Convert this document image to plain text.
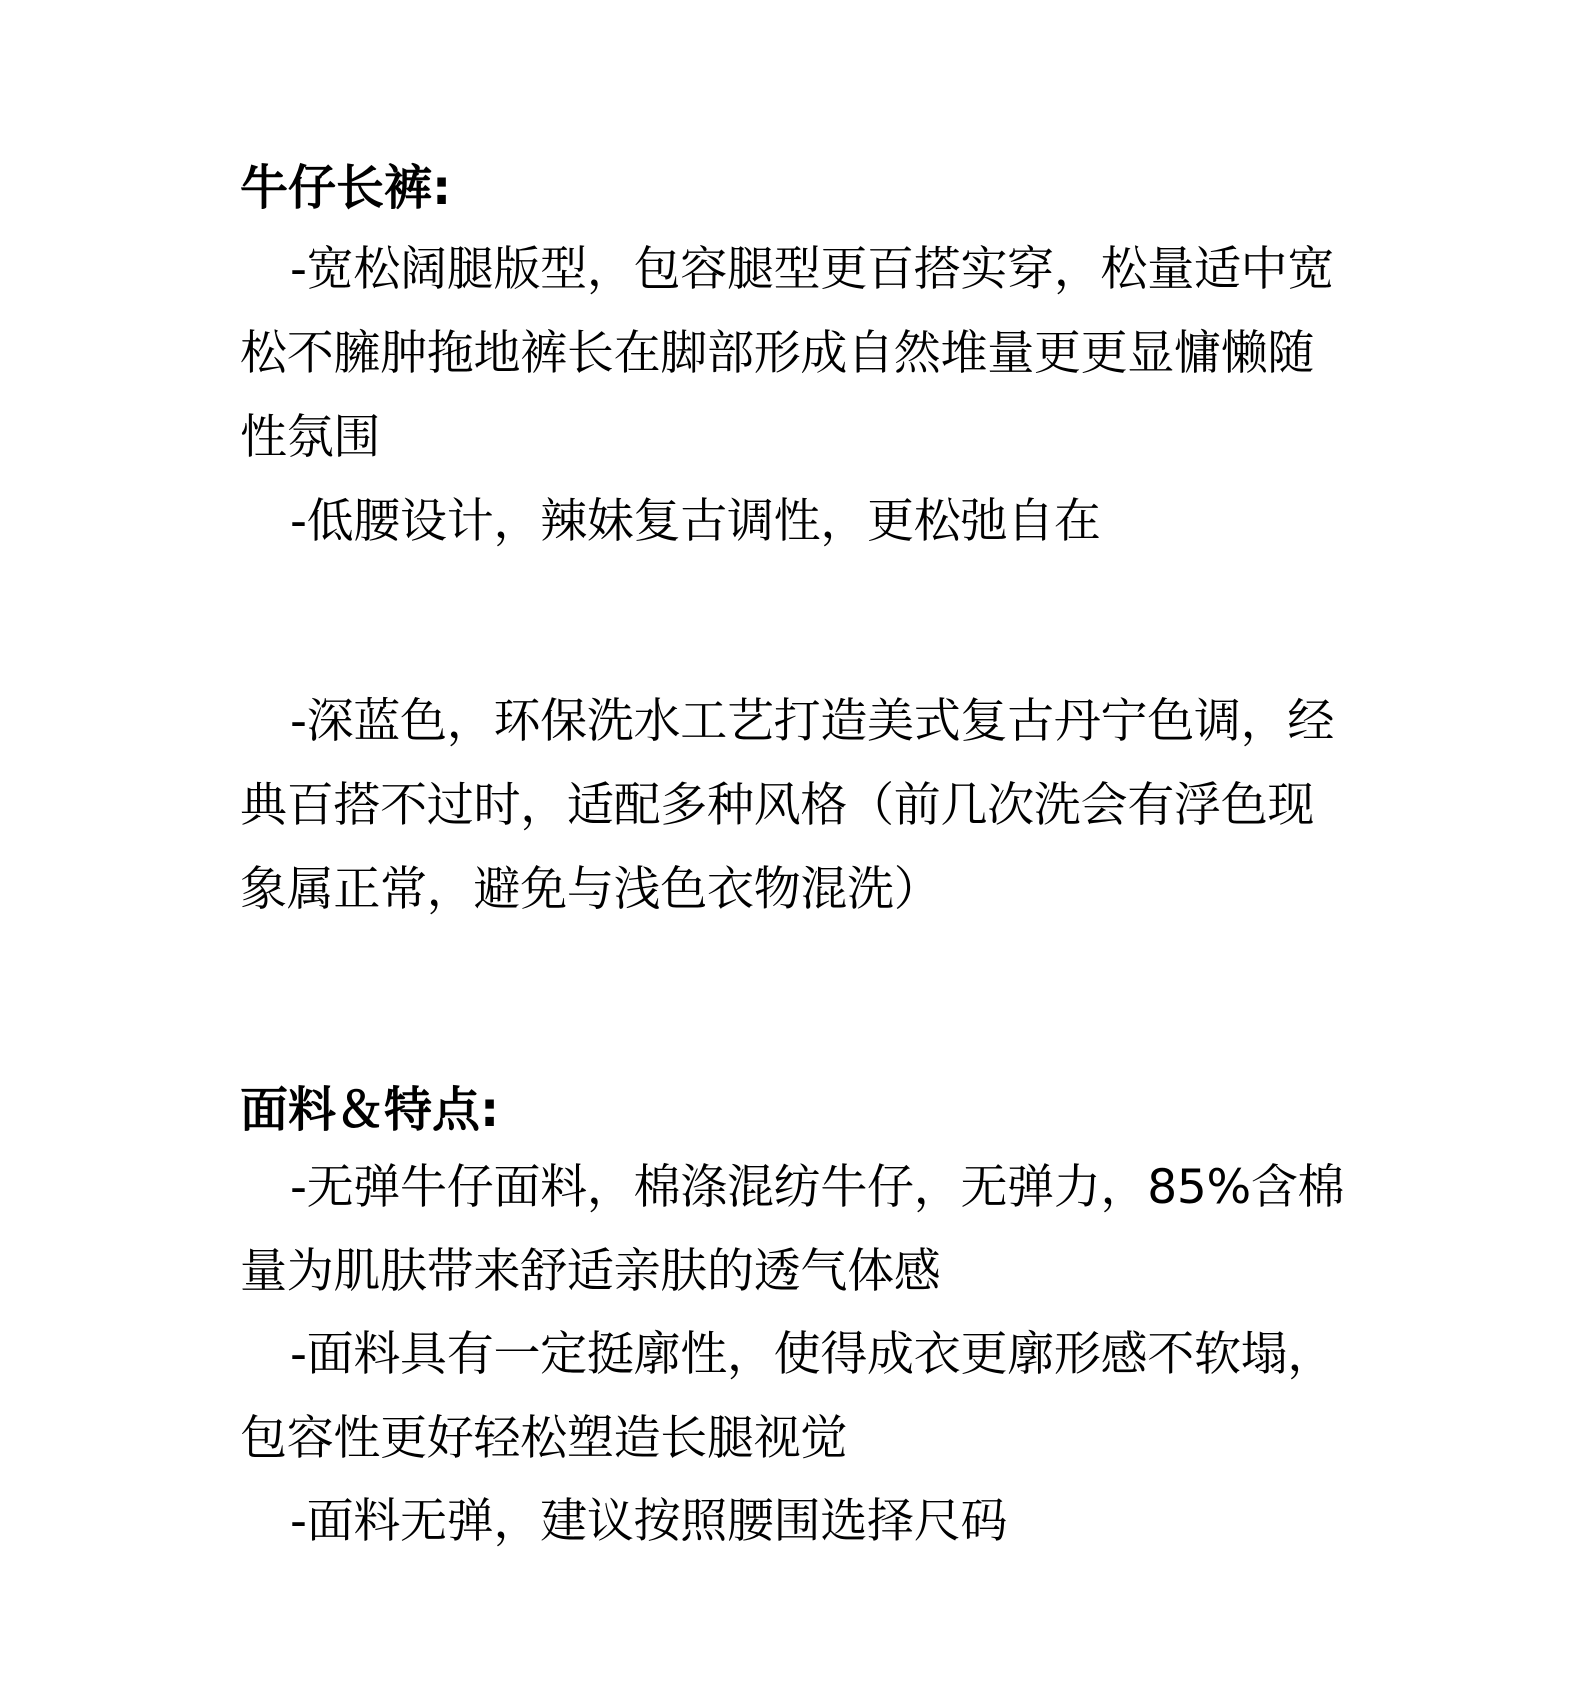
牛仔长裤:
-宽松阔腿版型，包容腿型更百搭实穿，松量适中宽松不臃肿拖地裤长在脚部形成自然堆量更更显慵懒随性氛围
-低腰设计，辣妹复古调性，更松弛自在
-深蓝色，环保洗水工艺打造美式复古丹宁色调，经典百搭不过时，适配多种风格（前几次洗会有浮色现象属正常，避免与浅色衣物混洗）
面料＆特点:
-无弹牛仔面料，棉涤混纺牛仔，无弹力，85%含棉量为肌肤带来舒适亲肤的透气体感
-面料具有一定挺廓性，使得成衣更廓形感不软塌，包容性更好轻松塑造长腿视觉
-面料无弹，建议按照腰围选择尺码
